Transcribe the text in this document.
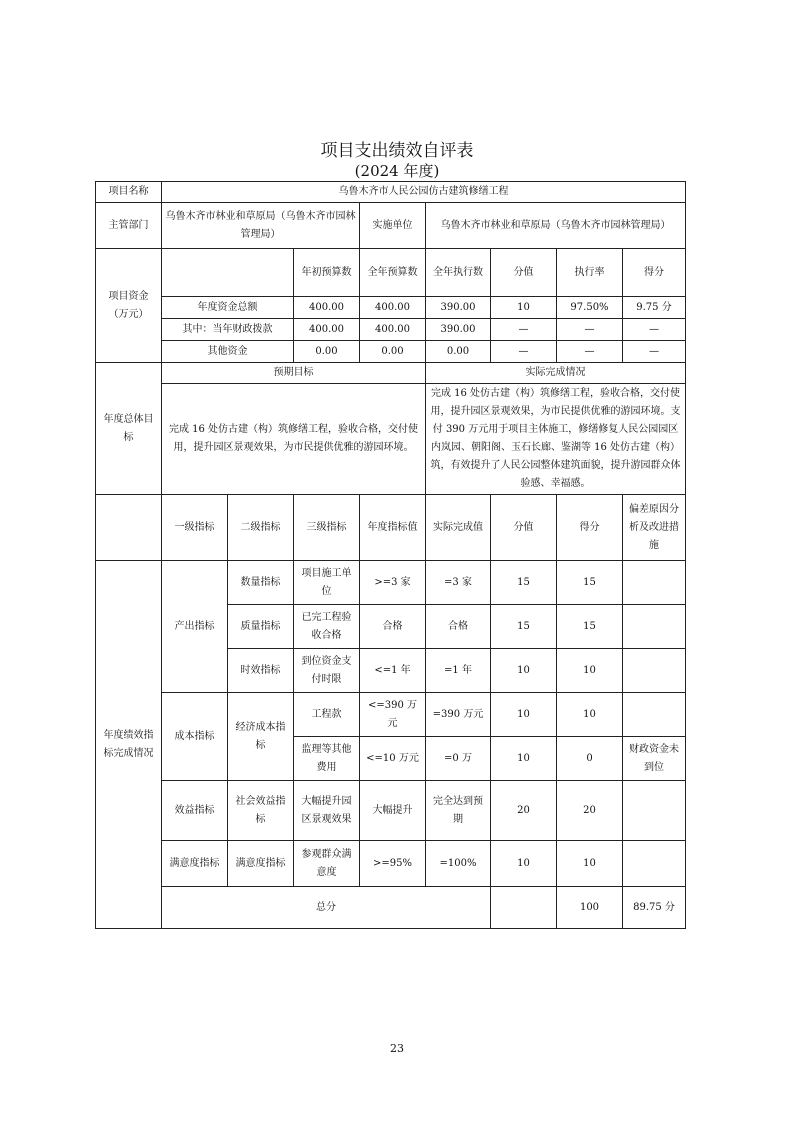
项目支出绩效自评表
(2024 年度)
项目名称	乌鲁木齐市人民公园仿古建筑修缮工程								
主管部门	乌鲁木齐市林业和草原局（乌鲁木齐市园林管理局）			实施单位	乌鲁木齐市林业和草原局（乌鲁木齐市园林管理局）				
项目资金（万元）			年初预算数	全年预算数	全年执行数	分值	执行率	得分	
	年度资金总额		400.00	400.00	390.00	10	97.50%	9.75 分	
	其中：当年财政拨款		400.00	400.00	390.00	—	—	—	
	其他资金		0.00	0.00	0.00	—	—	—	
年度总体目标	预期目标				实际完成情况				
	完成 16 处仿古建（构）筑修缮工程，验收合格，交付使用，提升园区景观效果，为市民提供优雅的游园环境。				完成 16 处仿古建（构）筑修缮工程，验收合格，交付使用，提升园区景观效果，为市民提供优雅的游园环境。支付 390 万元用于项目主体施工，修缮修复人民公园园区内岚园、朝阳阁、玉石长廊、鉴湖等 16 处仿古建（构）筑，有效提升了人民公园整体建筑面貌，提升游园群众体验感、幸福感。				
	一级指标	二级指标	三级指标	年度指标值	实际完成值	分值	得分	偏差原因分析及改进措施	
年度绩效指标完成情况	产出指标	数量指标	项目施工单位	>=3 家	=3 家	15	15		
		质量指标	已完工程验收合格	合格	合格	15	15		
		时效指标	到位资金支付时限	<=1 年	=1 年	10	10		
	成本指标	经济成本指标	工程款	<=390 万元	=390 万元	10	10		
			监理等其他费用	<=10 万元	=0 万	10	0	财政资金未到位	
	效益指标	社会效益指标	大幅提升园区景观效果	大幅提升	完全达到预期	20	20		
	满意度指标	满意度指标	参观群众满意度	>=95%	=100%	10	10		
	总分						100	89.75 分	
23
